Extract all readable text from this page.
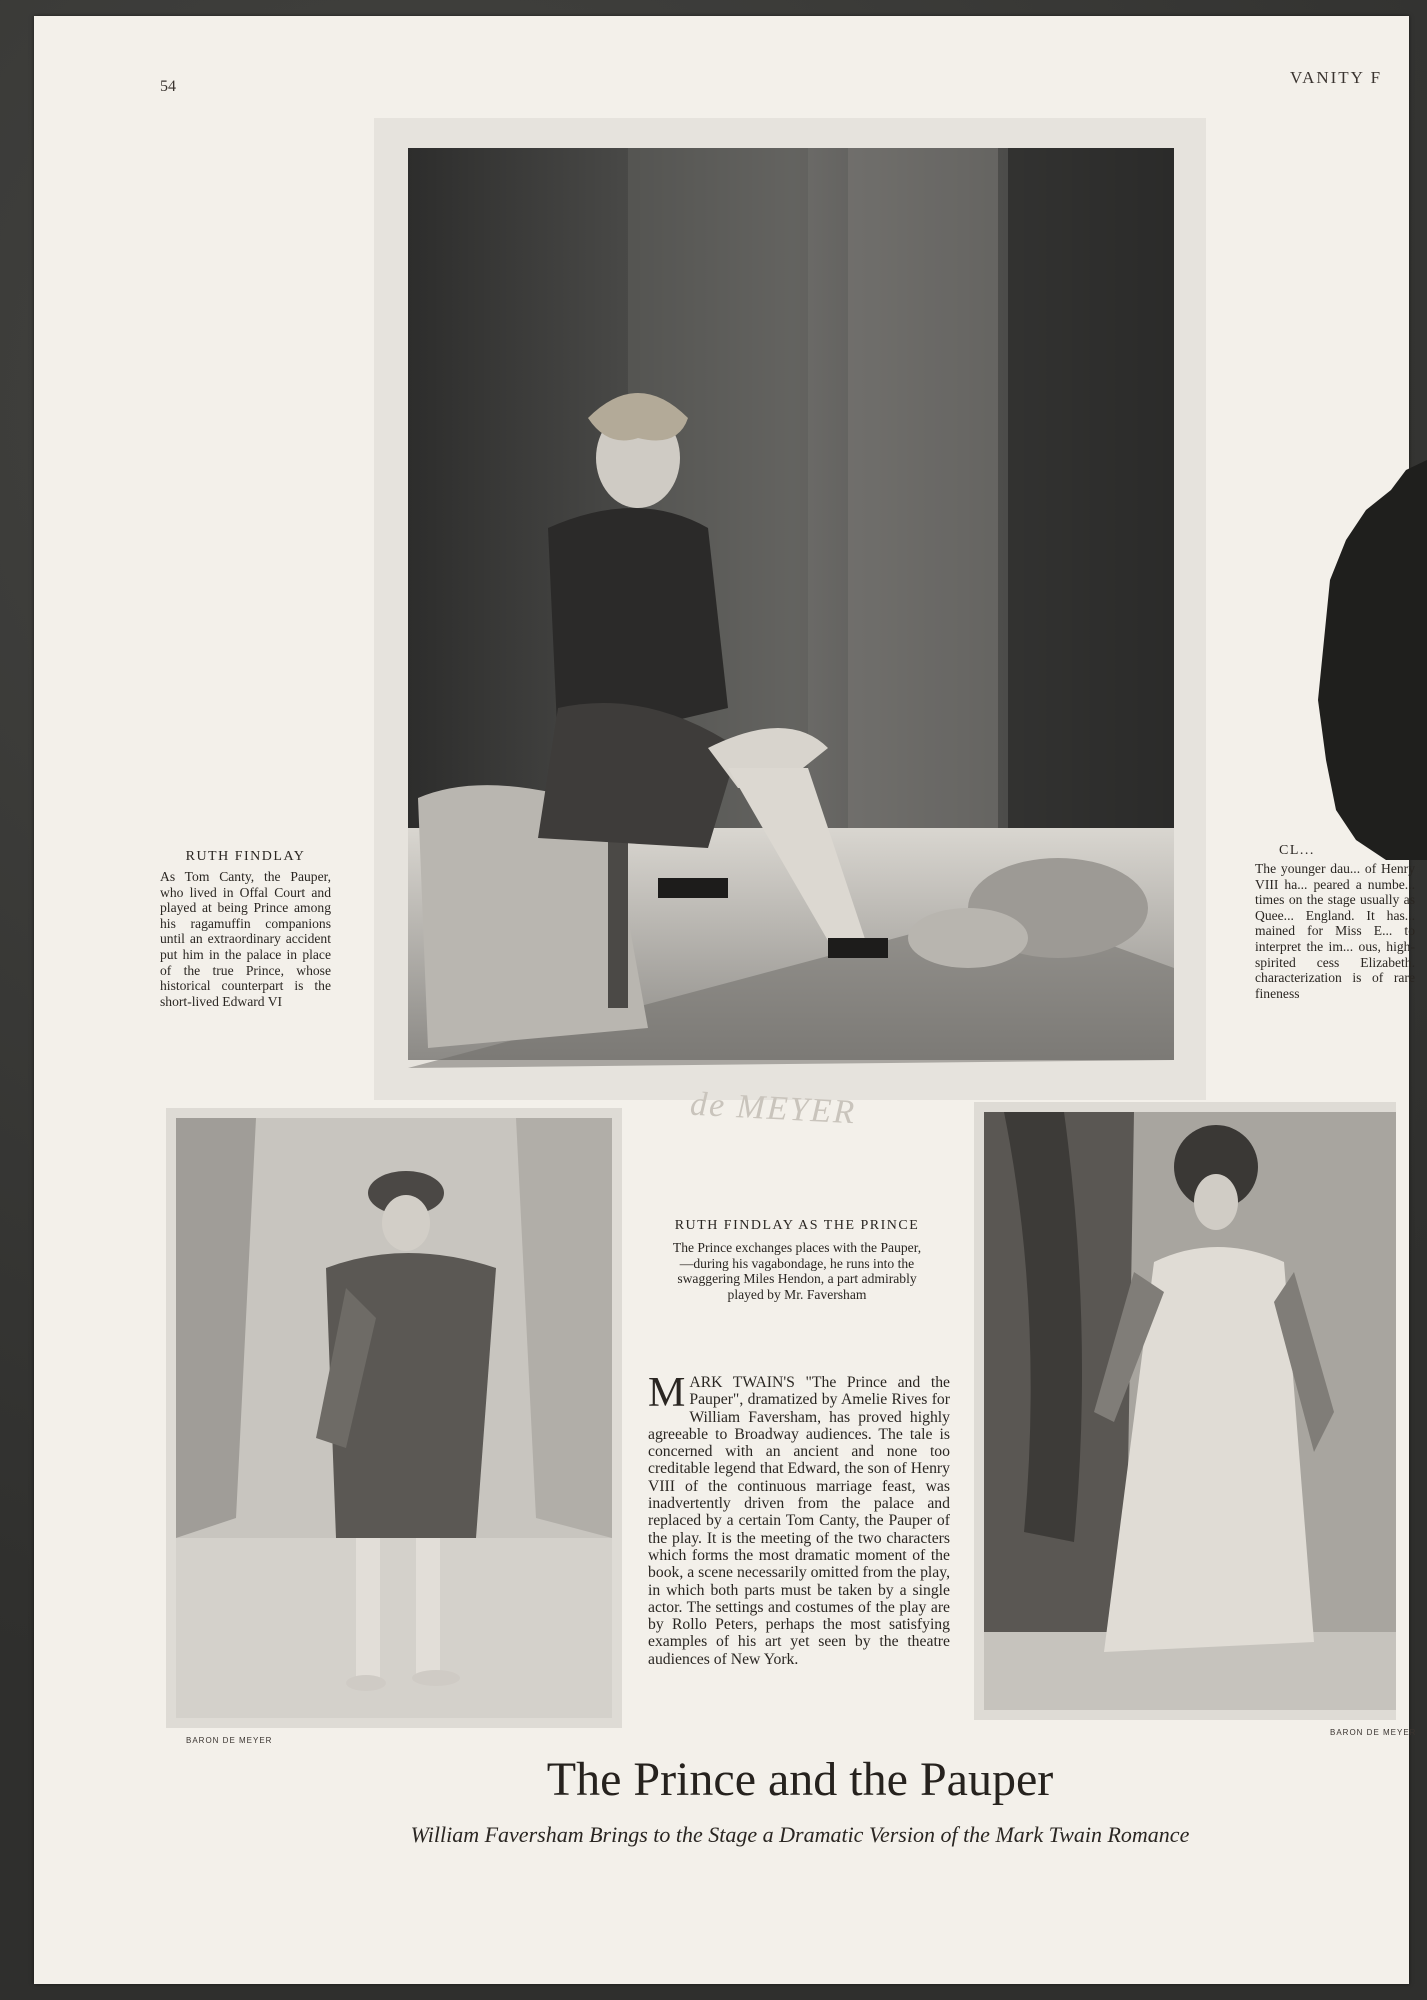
54	VANITY F
de MEYER
RUTH FINDLAY
As Tom Canty, the Pauper, who lived in Offal Court and played at being Prince among his ragamuffin companions until an extraordinary accident put him in the palace in place of the true Prince, whose historical counterpart is the short-lived Edward VI
CL...
The younger dau... of Henry VIII ha... peared a numbe... times on the stage usually as Quee... England. It has... mained for Miss E... to interpret the im... ous, high-spirited cess Elizabeth. characterization is of rare fineness
BARON DE MEYER
RUTH FINDLAY AS THE PRINCE
The Prince exchanges places with the Pauper,—during his vagabondage, he runs into the swaggering Miles Hendon, a part admirably played by Mr. Faversham
MARK TWAIN'S "The Prince and the Pauper", dramatized by Amelie Rives for William Faversham, has proved highly agreeable to Broadway audiences. The tale is concerned with an ancient and none too creditable legend that Edward, the son of Henry VIII of the continuous marriage feast, was inadvertently driven from the palace and replaced by a certain Tom Canty, the Pauper of the play. It is the meeting of the two characters which forms the most dramatic moment of the book, a scene necessarily omitted from the play, in which both parts must be taken by a single actor. The settings and costumes of the play are by Rollo Peters, perhaps the most satisfying examples of his art yet seen by the theatre audiences of New York.
BARON DE MEYER
The Prince and the Pauper
William Faversham Brings to the Stage a Dramatic Version of the Mark Twain Romance
